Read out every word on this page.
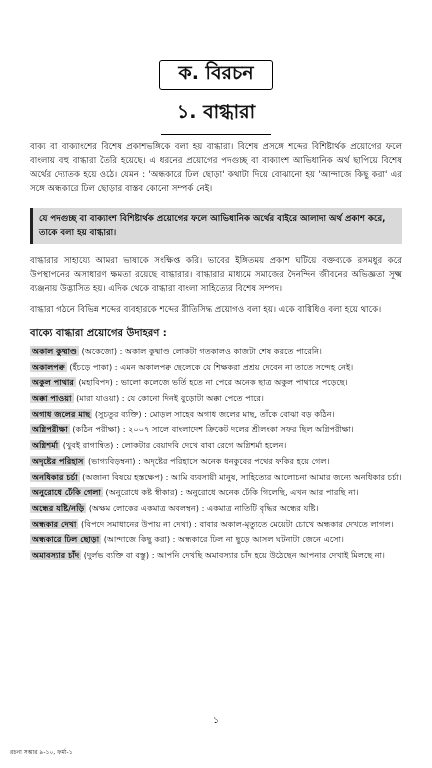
ক. বিরচন
১. বাগ্ধারা

বাক্য বা বাক্যাংশের বিশেষ প্রকাশভঙ্গিকে বলা হয় বাগ্ধারা। বিশেষ প্রসঙ্গে শব্দের বিশিষ্টার্থক প্রয়োগের ফলে বাংলায় বহু বাগ্ধারা তৈরি হয়েছে। এ ধরনের প্রয়োগের পদগুচ্ছ বা বাক্যাংশ আভিধানিক অর্থ ছাপিয়ে বিশেষ অর্থের দ্যোতক হয়ে ওঠে। যেমন : 'অন্ধকারে ঢিল ছোড়া' কথাটা দিয়ে বোঝানো হয় 'আন্দাজে কিছু করা' এর সঙ্গে অন্ধকারে ঢিল ছোড়ার বাস্তব কোনো সম্পর্ক নেই।

যে পদগুচ্ছ বা বাক্যাংশ বিশিষ্টার্থক প্রয়োগের ফলে আভিধানিক অর্থের বাইরে আলাদা অর্থ প্রকাশ করে, তাকে বলা হয় বাগ্ধারা।

বাগ্ধারার সাহায্যে আমরা ভাষাকে সংক্ষিপ্ত করি। ভাবের ইঙ্গিতময় প্রকাশ ঘটিয়ে বক্তব্যকে রসমধুর করে উপস্থাপনের অসাধারণ ক্ষমতা রয়েছে বাগ্ধারার। বাগ্ধারার মাধ্যমে সমাজের দৈনন্দিন জীবনের অভিজ্ঞতা সূক্ষ্ম ব্যঞ্জনায় উদ্ভাসিত হয়। এদিক থেকে বাগ্ধারা বাংলা সাহিত্যের বিশেষ সম্পদ।

বাগ্ধারা গঠনে বিভিন্ন শব্দের ব্যবহারকে শব্দের রীতিসিদ্ধ প্রয়োগও বলা হয়। একে বাগ্বিধিও বলা হয়ে থাকে।

বাক্যে বাগ্ধারা প্রয়োগের উদাহরণ :
অকাল কুষ্মাণ্ড (অকেজো) : অকাল কুষ্মাণ্ড লোকটা গতকালও কাজটা শেষ করতে পারেনি।
অকালপক্ব (ইঁচড়ে পাকা) : এমন অকালপক্ব ছেলেকে যে শিক্ষকরা প্রশ্রয় দেবেন না তাতে সন্দেহ নেই।
অকুল পাথার (মহাবিপদ) : ভালো কলেজে ভর্তি হতে না পেরে অনেক ছাত্র অকুল পাথারে পড়েছে।
অক্কা পাওয়া (মারা যাওয়া) : যে কোনো দিনই বুড়োটা অক্কা পেতে পারে।
অগাধ জলের মাছ (সুচতুর ব্যক্তি) : মোড়ল সাহেব অগাধ জলের মাছ, তাঁকে বোঝা বড় কঠিন।
অগ্নিপরীক্ষা (কঠিন পরীক্ষা) : ২০০৭ সালে বাংলাদেশ ক্রিকেট দলের শ্রীলংকা সফর ছিল অগ্নিপরীক্ষা।
অগ্নিশর্মা (খুবই রাগান্বিত) : লোকটার বেয়াদবি দেখে বাবা রেগে অগ্নিশর্মা হলেন।
অদৃষ্টের পরিহাস (ভাগ্যবিড়ম্বনা) : অদৃষ্টের পরিহাসে অনেক ধনকুবের পথের ফকির হয়ে গেল।
অনধিকার চর্চা (অজানা বিষয়ে হস্তক্ষেপ) : আমি ব্যবসায়ী মানুষ, সাহিত্যের আলোচনা আমার জন্যে অনধিকার চর্চা।
অনুরোধে ঢেঁকি গেলা (অনুরোধে কষ্ট স্বীকার) : অনুরোধে অনেক ঢেঁকি গিলেছি, এখন আর পারছি না।
অন্ধের যষ্টি/নড়ি (অক্ষম লোকের একমাত্র অবলম্বন) : একমাত্র নাতিটি বৃদ্ধির অন্ধের যষ্টি।
অন্ধকার দেখা (বিপদে সমাধানের উপায় না দেখা) : বাবার অকাল-মৃত্যুতে মেয়েটা চোখে অন্ধকার দেখতে লাগল।
অন্ধকারে ঢিল ছোড়া (আন্দাজে কিছু করা) : অন্ধকারে ঢিল না ছুড়ে আসল ঘটনাটা জেনে এসো।
অমাবস্যার চাঁদ (দুর্লভ ব্যক্তি বা বস্তু) : আপনি দেখছি অমাবস্যার চাঁদ হয়ে উঠেছেন আপনার দেখাই মিলছে না।
১
রচনা সম্ভার ৯-১০, ফর্মা-১
